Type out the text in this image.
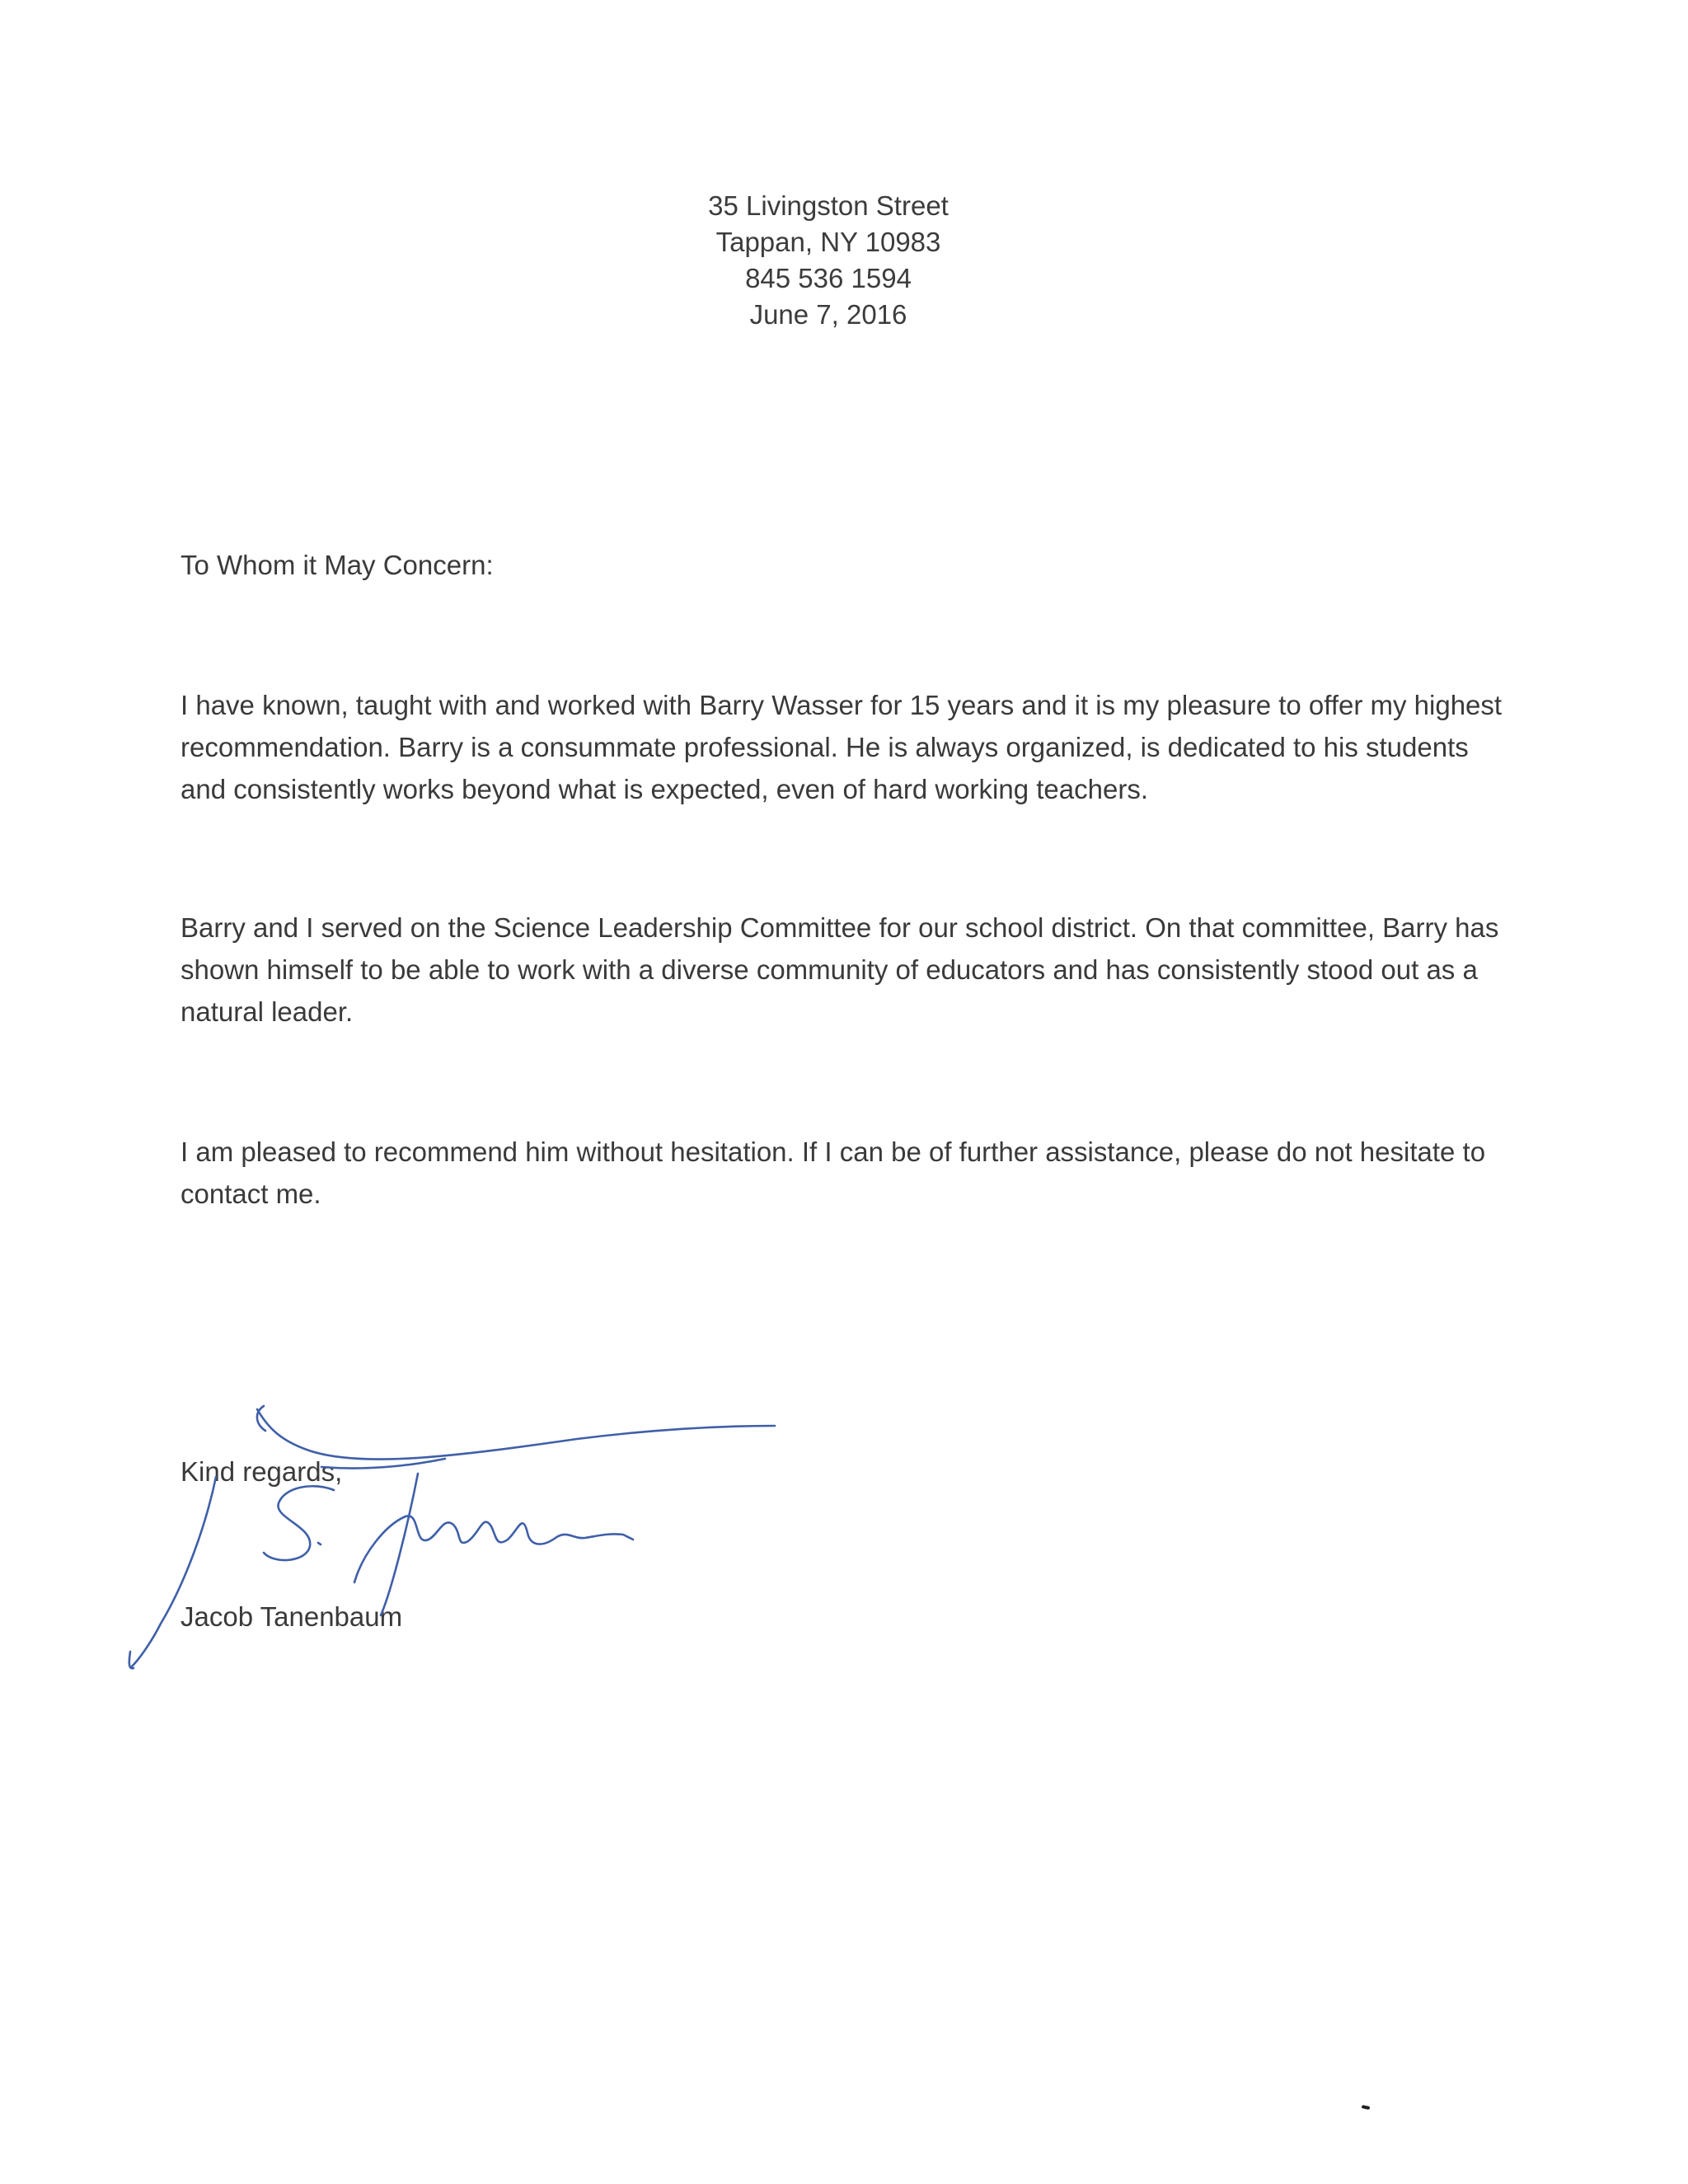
35 Livingston Street
Tappan, NY 10983
845 536 1594
June 7, 2016
To Whom it May Concern:

I have known, taught with and worked with Barry Wasser for 15 years and it is my pleasure to offer my highest recommendation. Barry is a consummate professional. He is always organized, is dedicated to his students and consistently works beyond what is expected, even of hard working teachers.

Barry and I served on the Science Leadership Committee for our school district. On that committee, Barry has shown himself to be able to work with a diverse community of educators and has consistently stood out as a natural leader.

I am pleased to recommend him without hesitation. If I can be of further assistance, please do not hesitate to contact me.

Kind regards,
Jacob Tanenbaum
